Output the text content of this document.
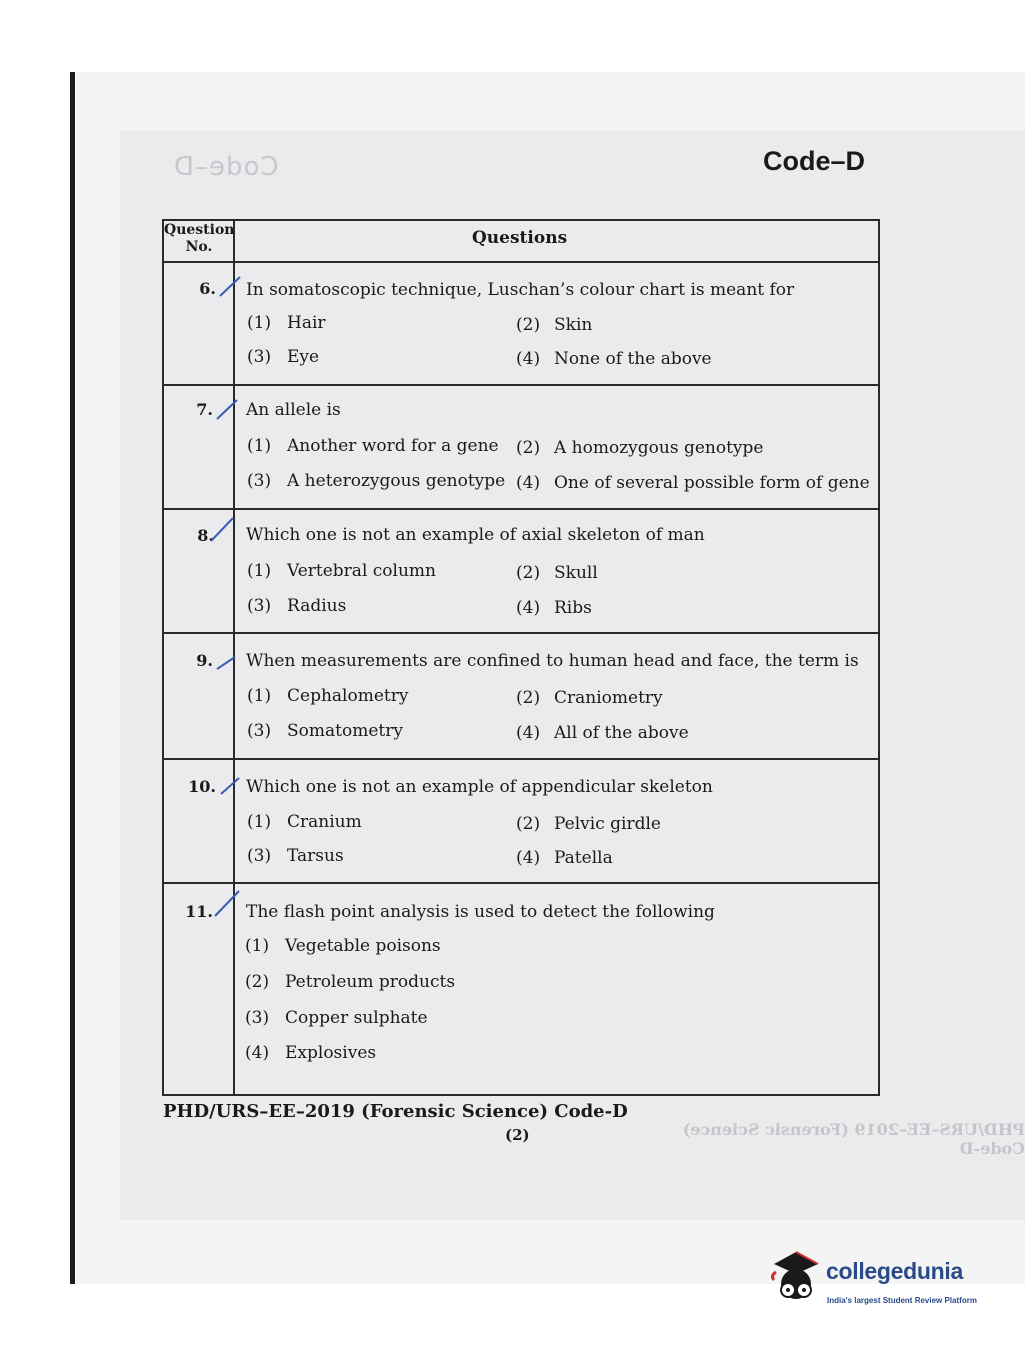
Code–D
PHD/URS–EE–2019 (Forensic Science) Code-D
Code–D
Question No.	Questions
6. In somatoscopic technique, Luschan’s colour chart is meant for
(1) Hair	(2) Skin
(3) Eye	(4) None of the above
7. An allele is
(1) Another word for a gene (2) A homozygous genotype
(3) A heterozygous genotype (4) One of several possible form of gene
8. Which one is not an example of axial skeleton of man
(1) Vertebral column	(2) Skull
(3) Radius	(4) Ribs
9. When measurements are confined to human head and face, the term is
(1) Cephalometry	(2) Craniometry
(3) Somatometry	(4) All of the above
10. Which one is not an example of appendicular skeleton
(1) Cranium	(2) Pelvic girdle
(3) Tarsus	(4) Patella
11. The flash point analysis is used to detect the following
(1) Vegetable poisons
(2) Petroleum products
(3) Copper sulphate
(4) Explosives
PHD/URS–EE–2019 (Forensic Science) Code-D
(2)
collegedunia
India's largest Student Review Platform
